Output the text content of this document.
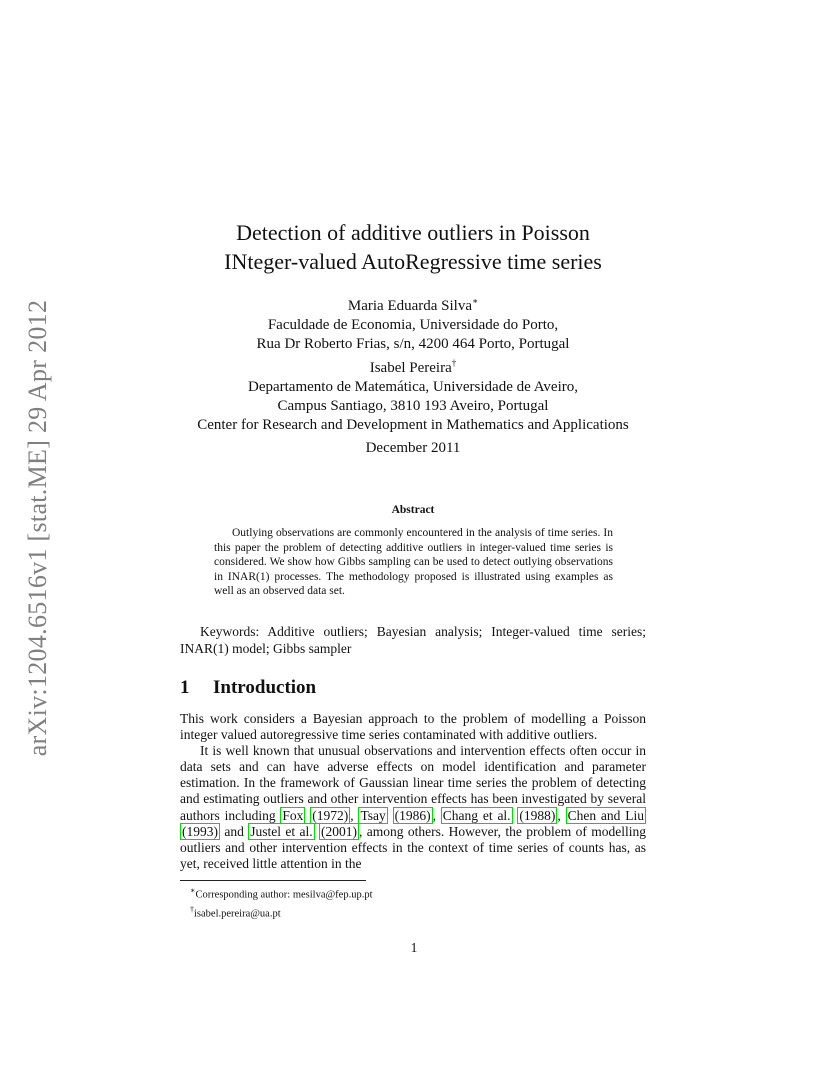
arXiv:1204.6516v1 [stat.ME] 29 Apr 2012
Detection of additive outliers in Poisson
INteger-valued AutoRegressive time series
Maria Eduarda Silva∗
Faculdade de Economia, Universidade do Porto,
Rua Dr Roberto Frias, s/n, 4200 464 Porto, Portugal
Isabel Pereira†
Departamento de Matemática, Universidade de Aveiro,
Campus Santiago, 3810 193 Aveiro, Portugal
Center for Research and Development in Mathematics and Applications
December 2011
Abstract
Outlying observations are commonly encountered in the analysis of time series. In this paper the problem of detecting additive outliers in integer-valued time series is considered. We show how Gibbs sampling can be used to detect outlying observations in INAR(1) processes. The methodology proposed is illustrated using examples as well as an observed data set.
Keywords: Additive outliers; Bayesian analysis; Integer-valued time series; INAR(1) model; Gibbs sampler
1 Introduction

This work considers a Bayesian approach to the problem of modelling a Poisson integer valued autoregressive time series contaminated with additive outliers.

It is well known that unusual observations and intervention effects often occur in data sets and can have adverse effects on model identification and parameter estimation. In the framework of Gaussian linear time series the problem of detecting and estimating outliers and other intervention effects has been investigated by several authors including Fox (1972) , Tsay (1986) , Chang et al. (1988) , Chen and Liu (1993) and Justel et al. (2001) , among others. However, the problem of modelling outliers and other intervention effects in the context of time series of counts has, as yet, received little attention in the

∗Corresponding author: mesilva@fep.up.pt
†isabel.pereira@ua.pt
1
